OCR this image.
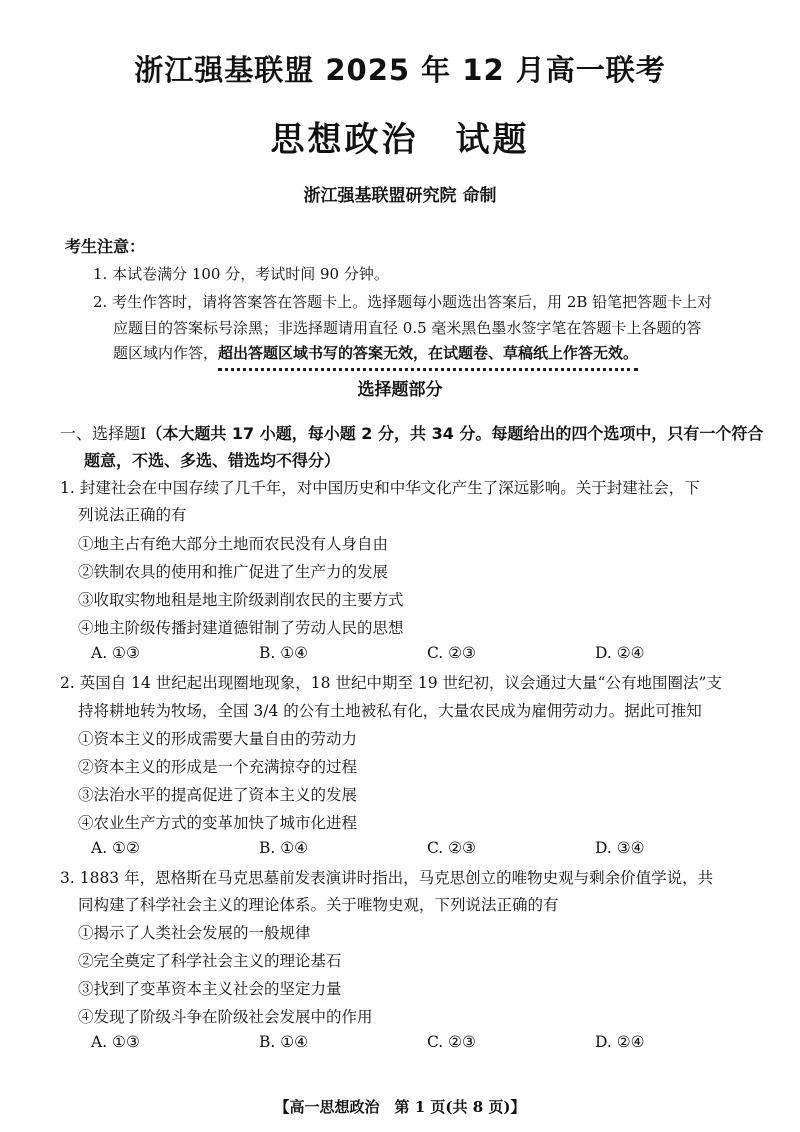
浙江强基联盟 2025 年 12 月高一联考
思想政治　试题
浙江强基联盟研究院 命制
考生注意：
1. 本试卷满分 100 分，考试时间 90 分钟。
2. 考生作答时，请将答案答在答题卡上。选择题每小题选出答案后，用 2B 铅笔把答题卡上对
应题目的答案标号涂黑；非选择题请用直径 0.5 毫米黑色墨水签字笔在答题卡上各题的答
题区域内作答，超出答题区域书写的答案无效，在试题卷、草稿纸上作答无效。
选择题部分
一、选择题Ⅰ（本大题共 17 小题，每小题 2 分，共 34 分。每题给出的四个选项中，只有一个符合
题意，不选、多选、错选均不得分）
1. 封建社会在中国存续了几千年，对中国历史和中华文化产生了深远影响。关于封建社会，下
列说法正确的有
①地主占有绝大部分土地而农民没有人身自由
②铁制农具的使用和推广促进了生产力的发展
③收取实物地租是地主阶级剥削农民的主要方式
④地主阶级传播封建道德钳制了劳动人民的思想
A. ①③	B. ①④	C. ②③	D. ②④
2. 英国自 14 世纪起出现圈地现象，18 世纪中期至 19 世纪初，议会通过大量“公有地围圈法”支
持将耕地转为牧场，全国 3/4 的公有土地被私有化，大量农民成为雇佣劳动力。据此可推知
①资本主义的形成需要大量自由的劳动力
②资本主义的形成是一个充满掠夺的过程
③法治水平的提高促进了资本主义的发展
④农业生产方式的变革加快了城市化进程
A. ①②	B. ①④	C. ②③	D. ③④
3. 1883 年，恩格斯在马克思墓前发表演讲时指出，马克思创立的唯物史观与剩余价值学说，共
同构建了科学社会主义的理论体系。关于唯物史观，下列说法正确的有
①揭示了人类社会发展的一般规律
②完全奠定了科学社会主义的理论基石
③找到了变革资本主义社会的坚定力量
④发现了阶级斗争在阶级社会发展中的作用
A. ①③	B. ①④	C. ②③	D. ②④
【高一思想政治　第 1 页(共 8 页)】
